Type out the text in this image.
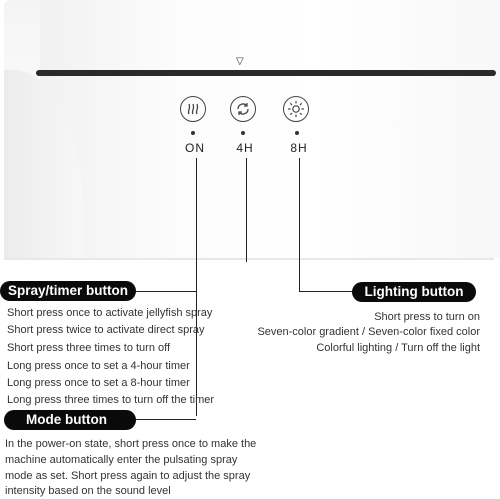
▽
ON	4H	8H
Spray/timer button
Short press once to activate jellyfish spray
Short press twice to activate direct spray
Short press three times to turn off
Long press once to set a 4-hour timer
Long press once to set a 8-hour timer
Long press three times to turn off the timer
Lighting button
Short press to turn on
Seven-color gradient / Seven-color fixed color
Colorful lighting / Turn off the light
Mode button
In the power-on state, short press once to make the
machine automatically enter the pulsating spray
mode as set. Short press again to adjust the spray
intensity based on the sound level
